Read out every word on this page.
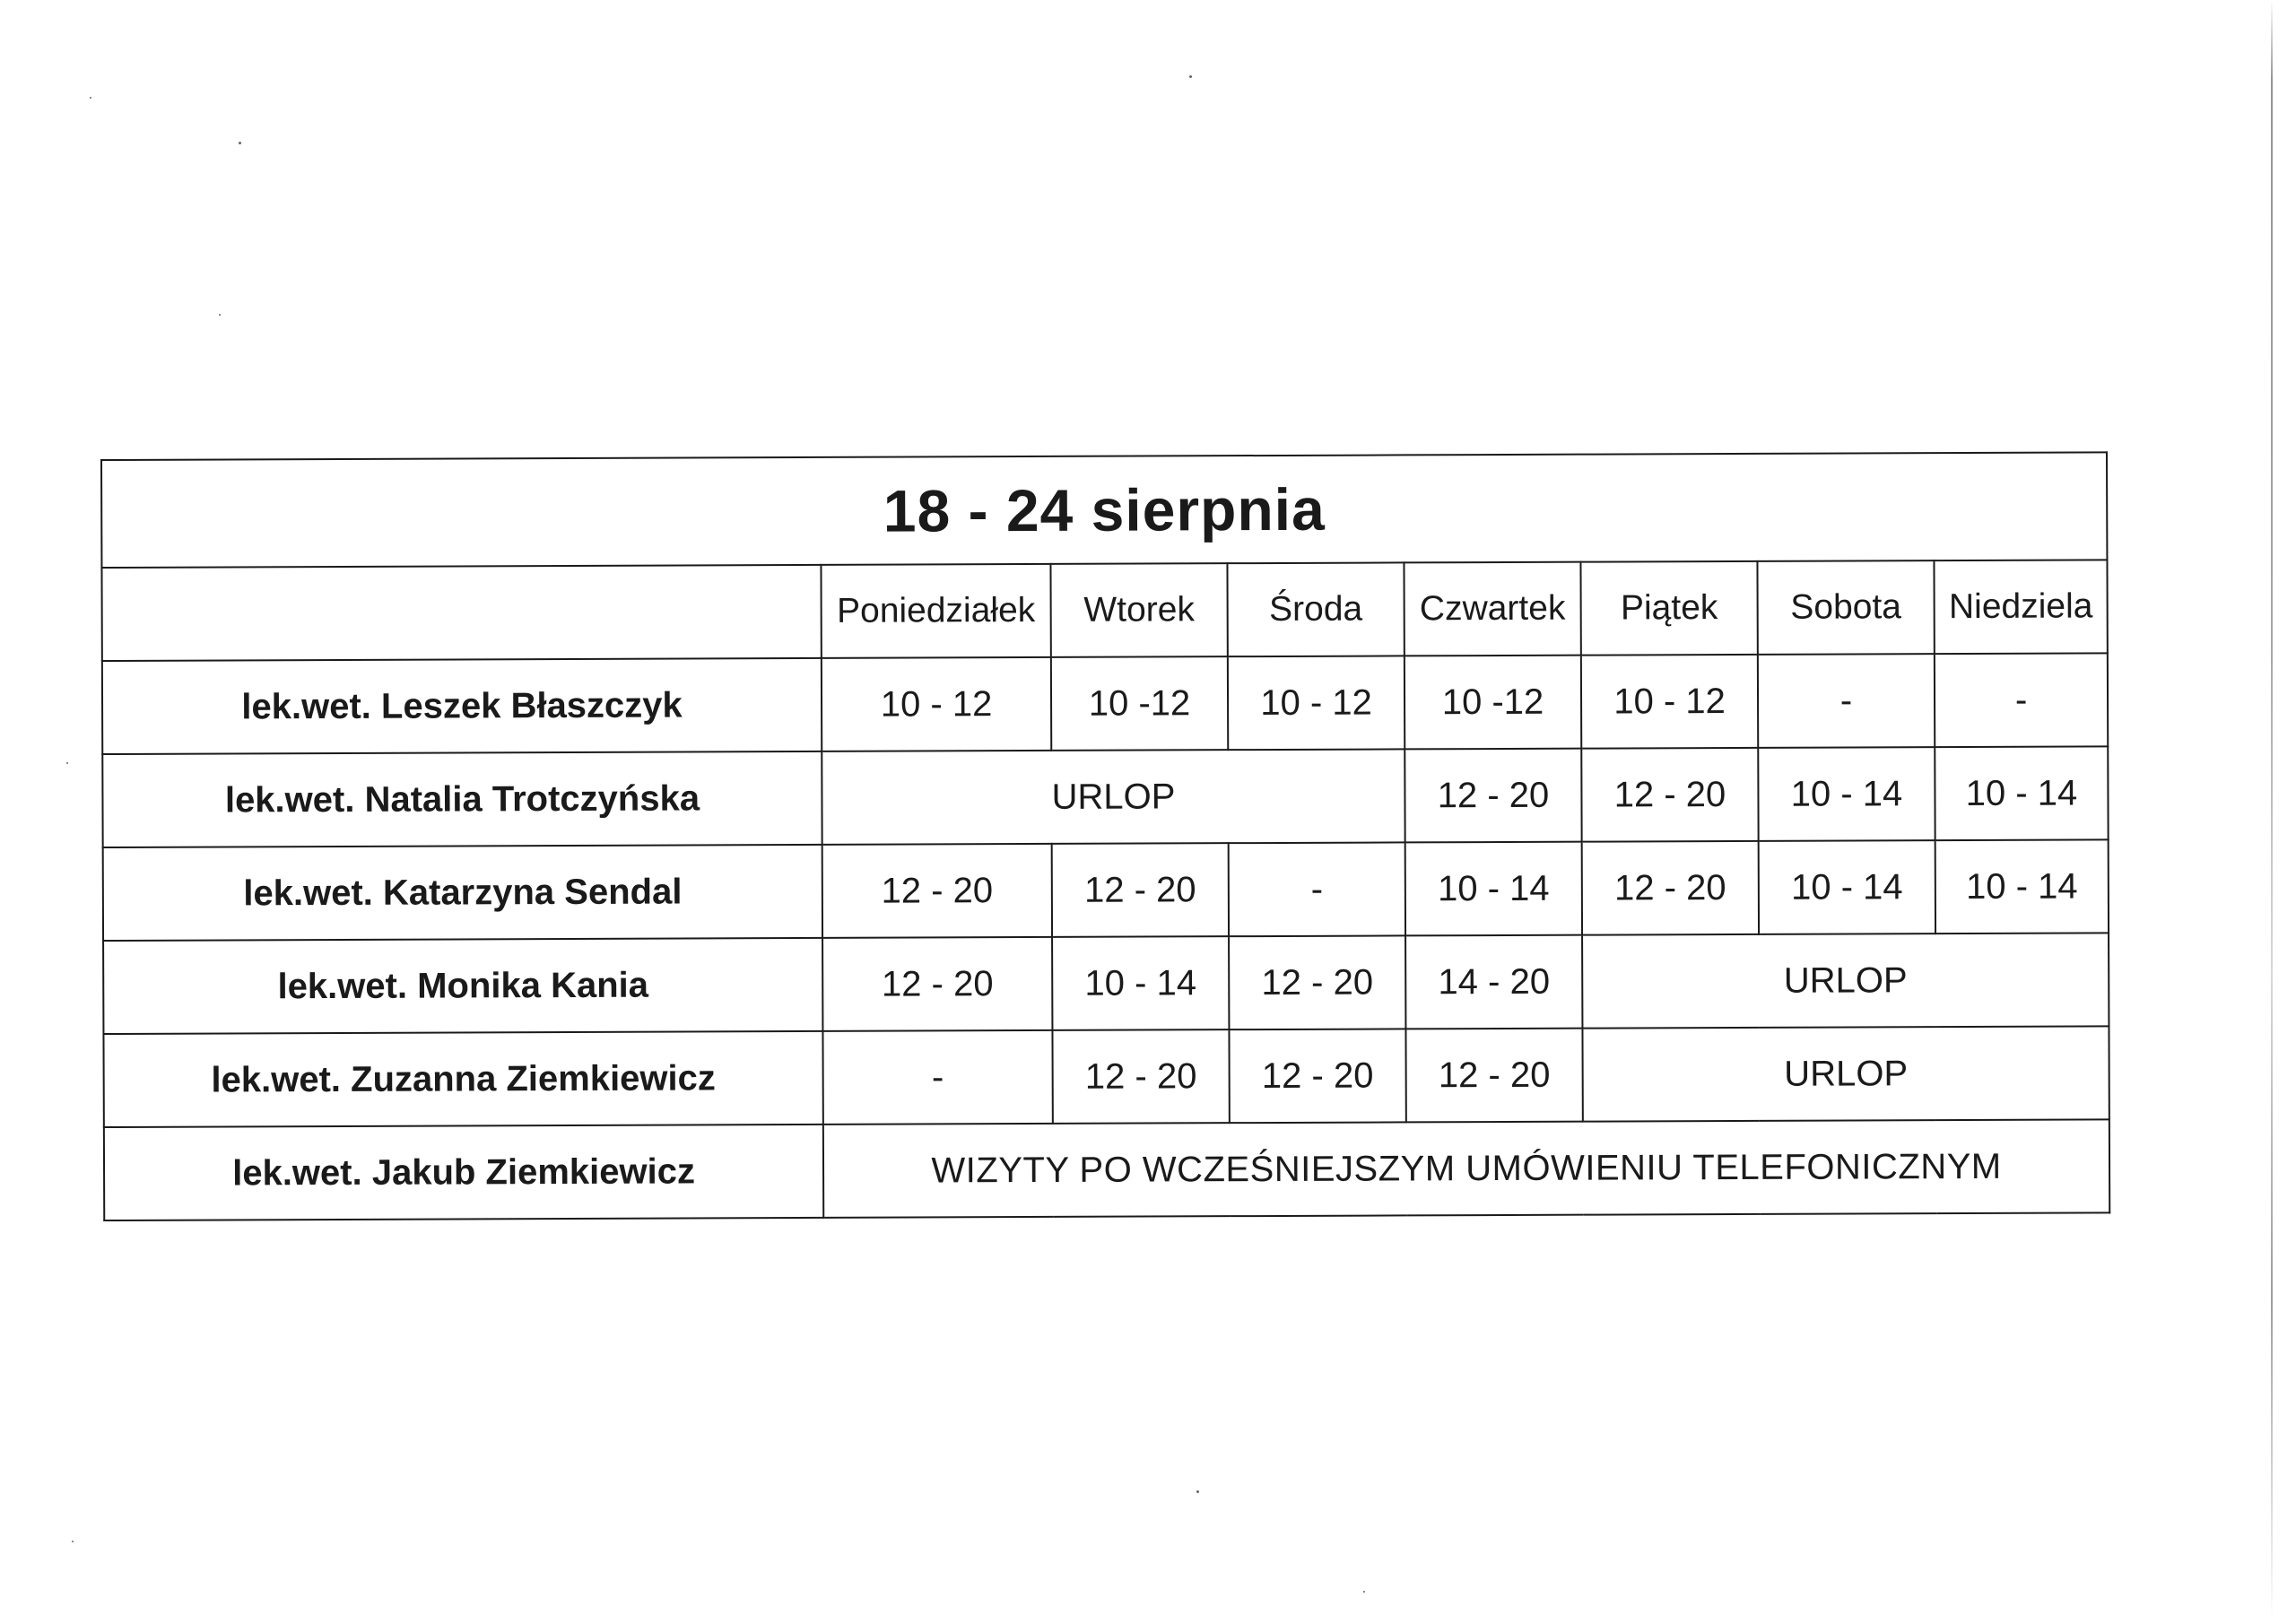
18 - 24 sierpnia							
	Poniedziałek	Wtorek	Środa	Czwartek	Piątek	Sobota	Niedziela
lek.wet. Leszek Błaszczyk	10 - 12	10 -12	10 - 12	10 -12	10 - 12	-	-
lek.wet. Natalia Trotczyńska	URLOP			12 - 20	12 - 20	10 - 14	10 - 14
lek.wet. Katarzyna Sendal	12 - 20	12 - 20	-	10 - 14	12 - 20	10 - 14	10 - 14
lek.wet. Monika Kania	12 - 20	10 - 14	12 - 20	14 - 20	URLOP		
lek.wet. Zuzanna Ziemkiewicz	-	12 - 20	12 - 20	12 - 20	URLOP		
lek.wet. Jakub Ziemkiewicz	WIZYTY PO WCZEŚNIEJSZYM UMÓWIENIU TELEFONICZNYM						
